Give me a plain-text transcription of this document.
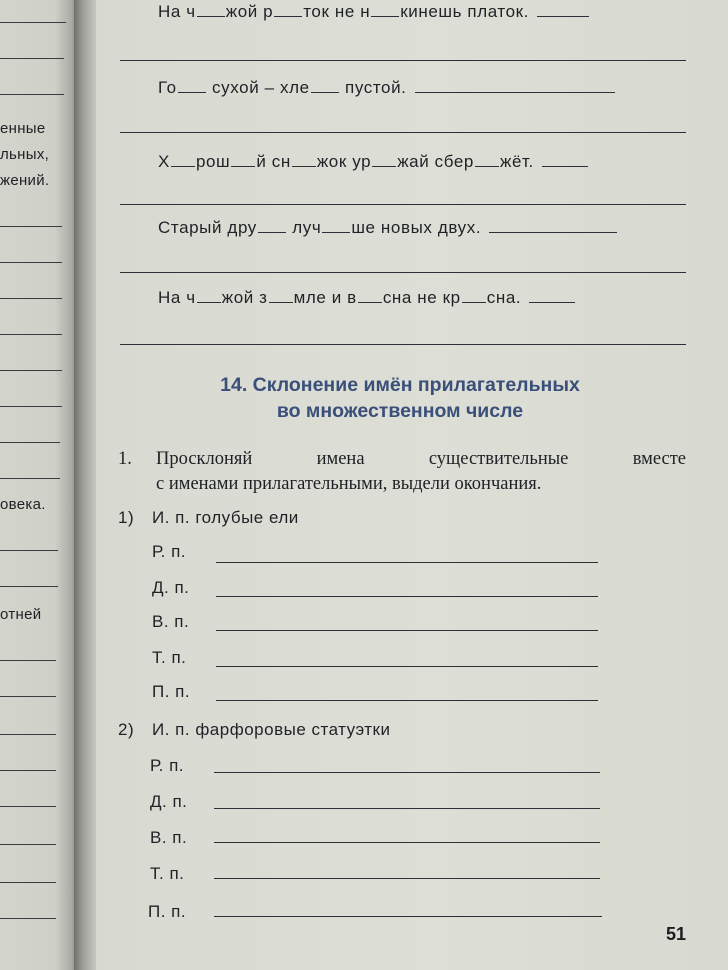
енные
льных,
жений.
овека.
отней
На ч жой р ток не н кинешь платок.
Го сухой – хле пустой.
Х рош й сн жок ур жай сбер жёт.
Старый дру луч ше новых двух.
На ч жой з мле и в сна не кр сна.
14. Склонение имён прилагательных
во множественном числе
1. Просклоняй имена существительные вместе
с именами прилагательными, выдели окончания.
1) И. п. голубые ели
Р. п.
Д. п.
В. п.
Т. п.
П. п.
2) И. п. фарфоровые статуэтки
Р. п.
Д. п.
В. п.
Т. п.
П. п.
51
